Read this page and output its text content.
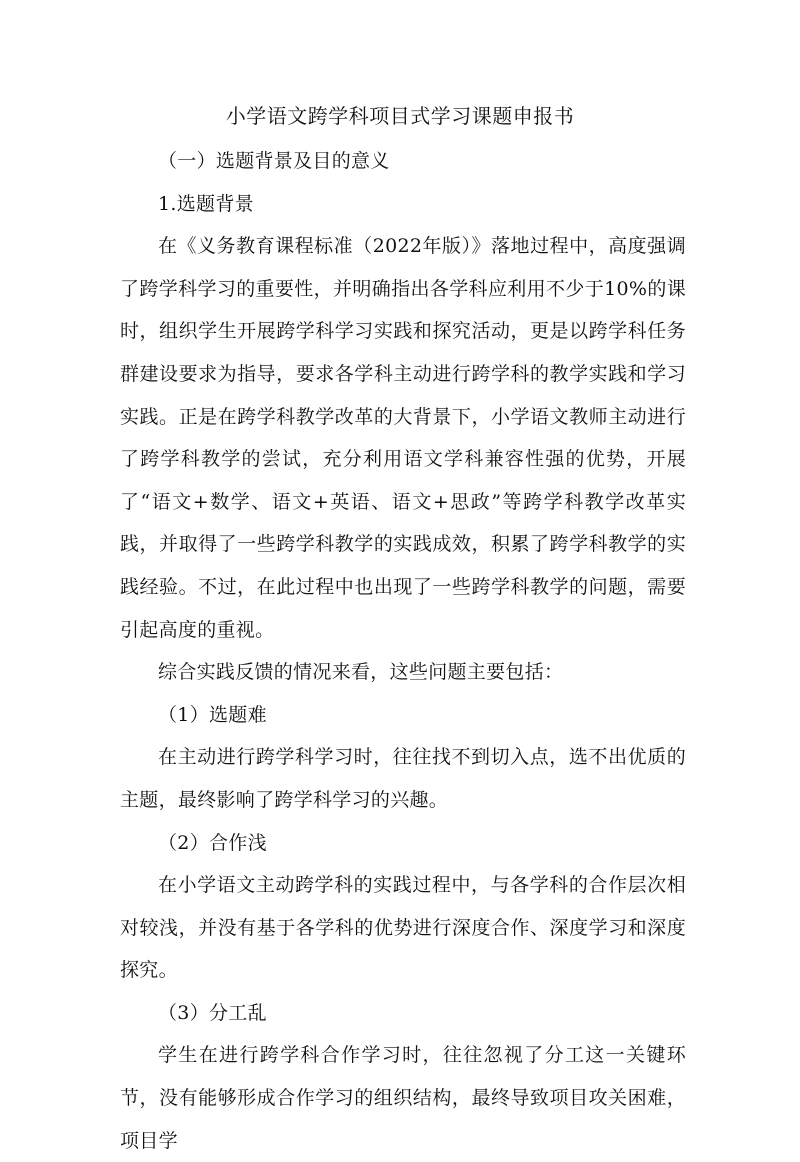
小学语文跨学科项目式学习课题申报书

（一）选题背景及目的意义

1.选题背景

在《义务教育课程标准（2022年版）》落地过程中，高度强调了跨学科学习的重要性，并明确指出各学科应利用不少于10%的课时，组织学生开展跨学科学习实践和探究活动，更是以跨学科任务群建设要求为指导，要求各学科主动进行跨学科的教学实践和学习实践。正是在跨学科教学改革的大背景下，小学语文教师主动进行了跨学科教学的尝试，充分利用语文学科兼容性强的优势，开展了“语文+数学、语文+英语、语文+思政”等跨学科教学改革实践，并取得了一些跨学科教学的实践成效，积累了跨学科教学的实践经验。不过，在此过程中也出现了一些跨学科教学的问题，需要引起高度的重视。

综合实践反馈的情况来看，这些问题主要包括：

（1）选题难

在主动进行跨学科学习时，往往找不到切入点，选不出优质的主题，最终影响了跨学科学习的兴趣。

（2）合作浅

在小学语文主动跨学科的实践过程中，与各学科的合作层次相对较浅，并没有基于各学科的优势进行深度合作、深度学习和深度探究。

（3）分工乱

学生在进行跨学科合作学习时，往往忽视了分工这一关键环节，没有能够形成合作学习的组织结构，最终导致项目攻关困难，项目学
